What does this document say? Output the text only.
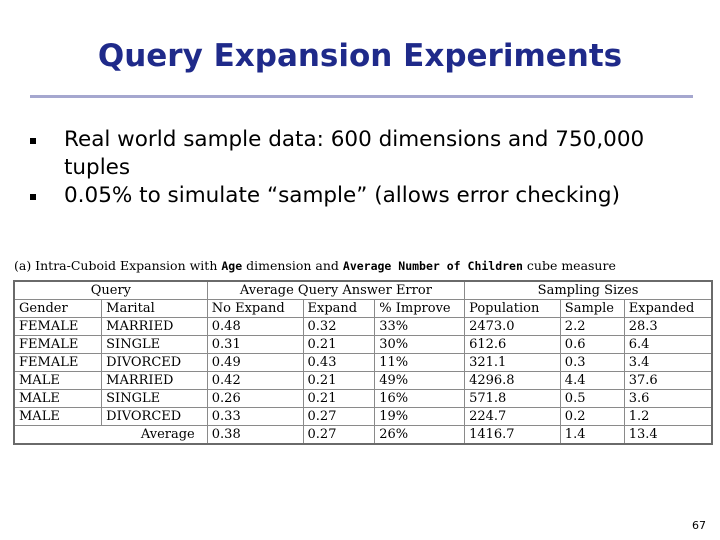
Query Expansion Experiments
Real world sample data: 600 dimensions and 750,000 tuples
0.05% to simulate “sample” (allows error checking)
(a) Intra-Cuboid Expansion with Age dimension and Average Number of Children cube measure
Query		Average Query Answer Error			Sampling Sizes		
Gender	Marital	No Expand	Expand	% Improve	Population	Sample	Expanded
FEMALE	MARRIED	0.48	0.32	33%	2473.0	2.2	28.3
FEMALE	SINGLE	0.31	0.21	30%	612.6	0.6	6.4
FEMALE	DIVORCED	0.49	0.43	11%	321.1	0.3	3.4
MALE	MARRIED	0.42	0.21	49%	4296.8	4.4	37.6
MALE	SINGLE	0.26	0.21	16%	571.8	0.5	3.6
MALE	DIVORCED	0.33	0.27	19%	224.7	0.2	1.2
Average		0.38	0.27	26%	1416.7	1.4	13.4
67
